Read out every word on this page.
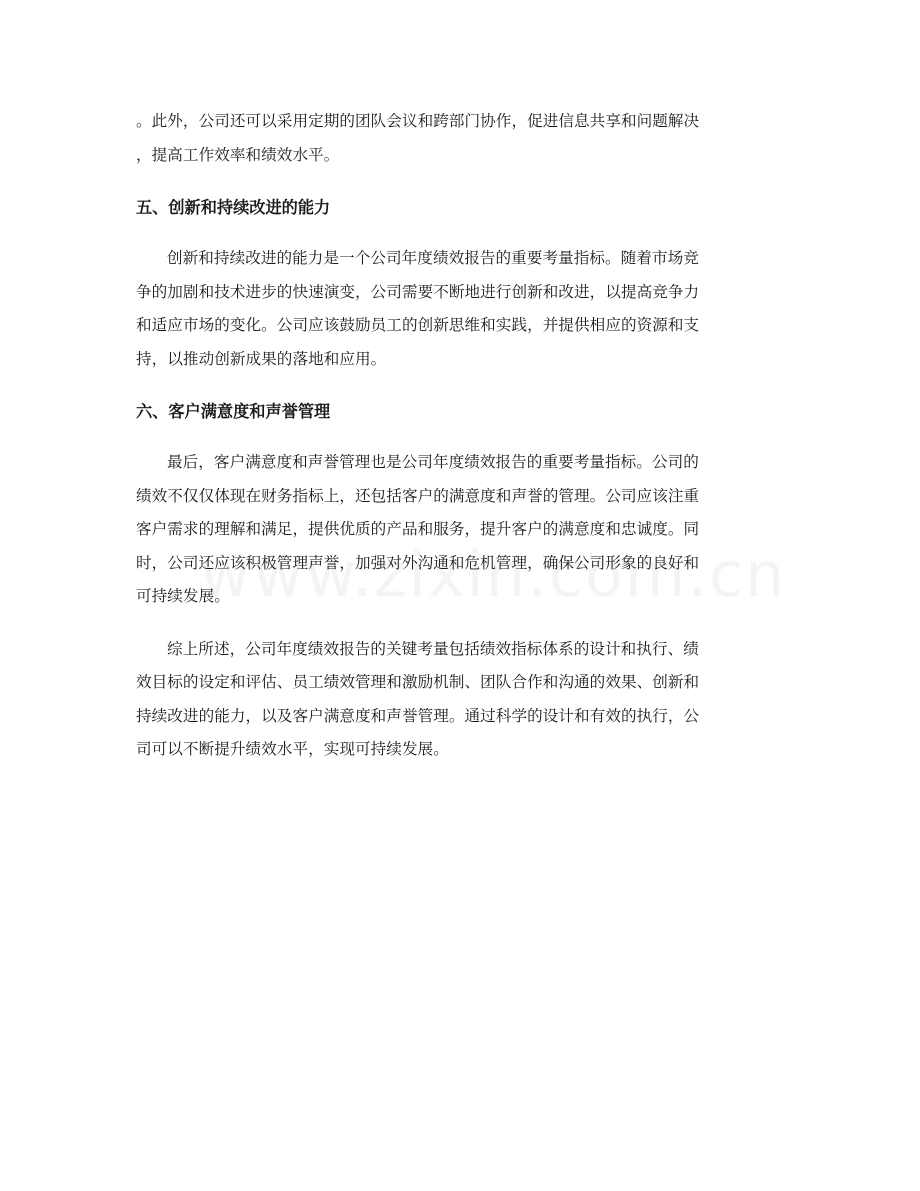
。此外，公司还可以采用定期的团队会议和跨部门协作，促进信息共享和问题解决
，提高工作效率和绩效水平。
五、创新和持续改进的能力
创新和持续改进的能力是一个公司年度绩效报告的重要考量指标。随着市场竞
争的加剧和技术进步的快速演变，公司需要不断地进行创新和改进，以提高竞争力
和适应市场的变化。公司应该鼓励员工的创新思维和实践，并提供相应的资源和支
持，以推动创新成果的落地和应用。
六、客户满意度和声誉管理
最后，客户满意度和声誉管理也是公司年度绩效报告的重要考量指标。公司的
绩效不仅仅体现在财务指标上，还包括客户的满意度和声誉的管理。公司应该注重
客户需求的理解和满足，提供优质的产品和服务，提升客户的满意度和忠诚度。同
时，公司还应该积极管理声誉，加强对外沟通和危机管理，确保公司形象的良好和
可持续发展。
综上所述，公司年度绩效报告的关键考量包括绩效指标体系的设计和执行、绩
效目标的设定和评估、员工绩效管理和激励机制、团队合作和沟通的效果、创新和
持续改进的能力，以及客户满意度和声誉管理。通过科学的设计和有效的执行，公
司可以不断提升绩效水平，实现可持续发展。
